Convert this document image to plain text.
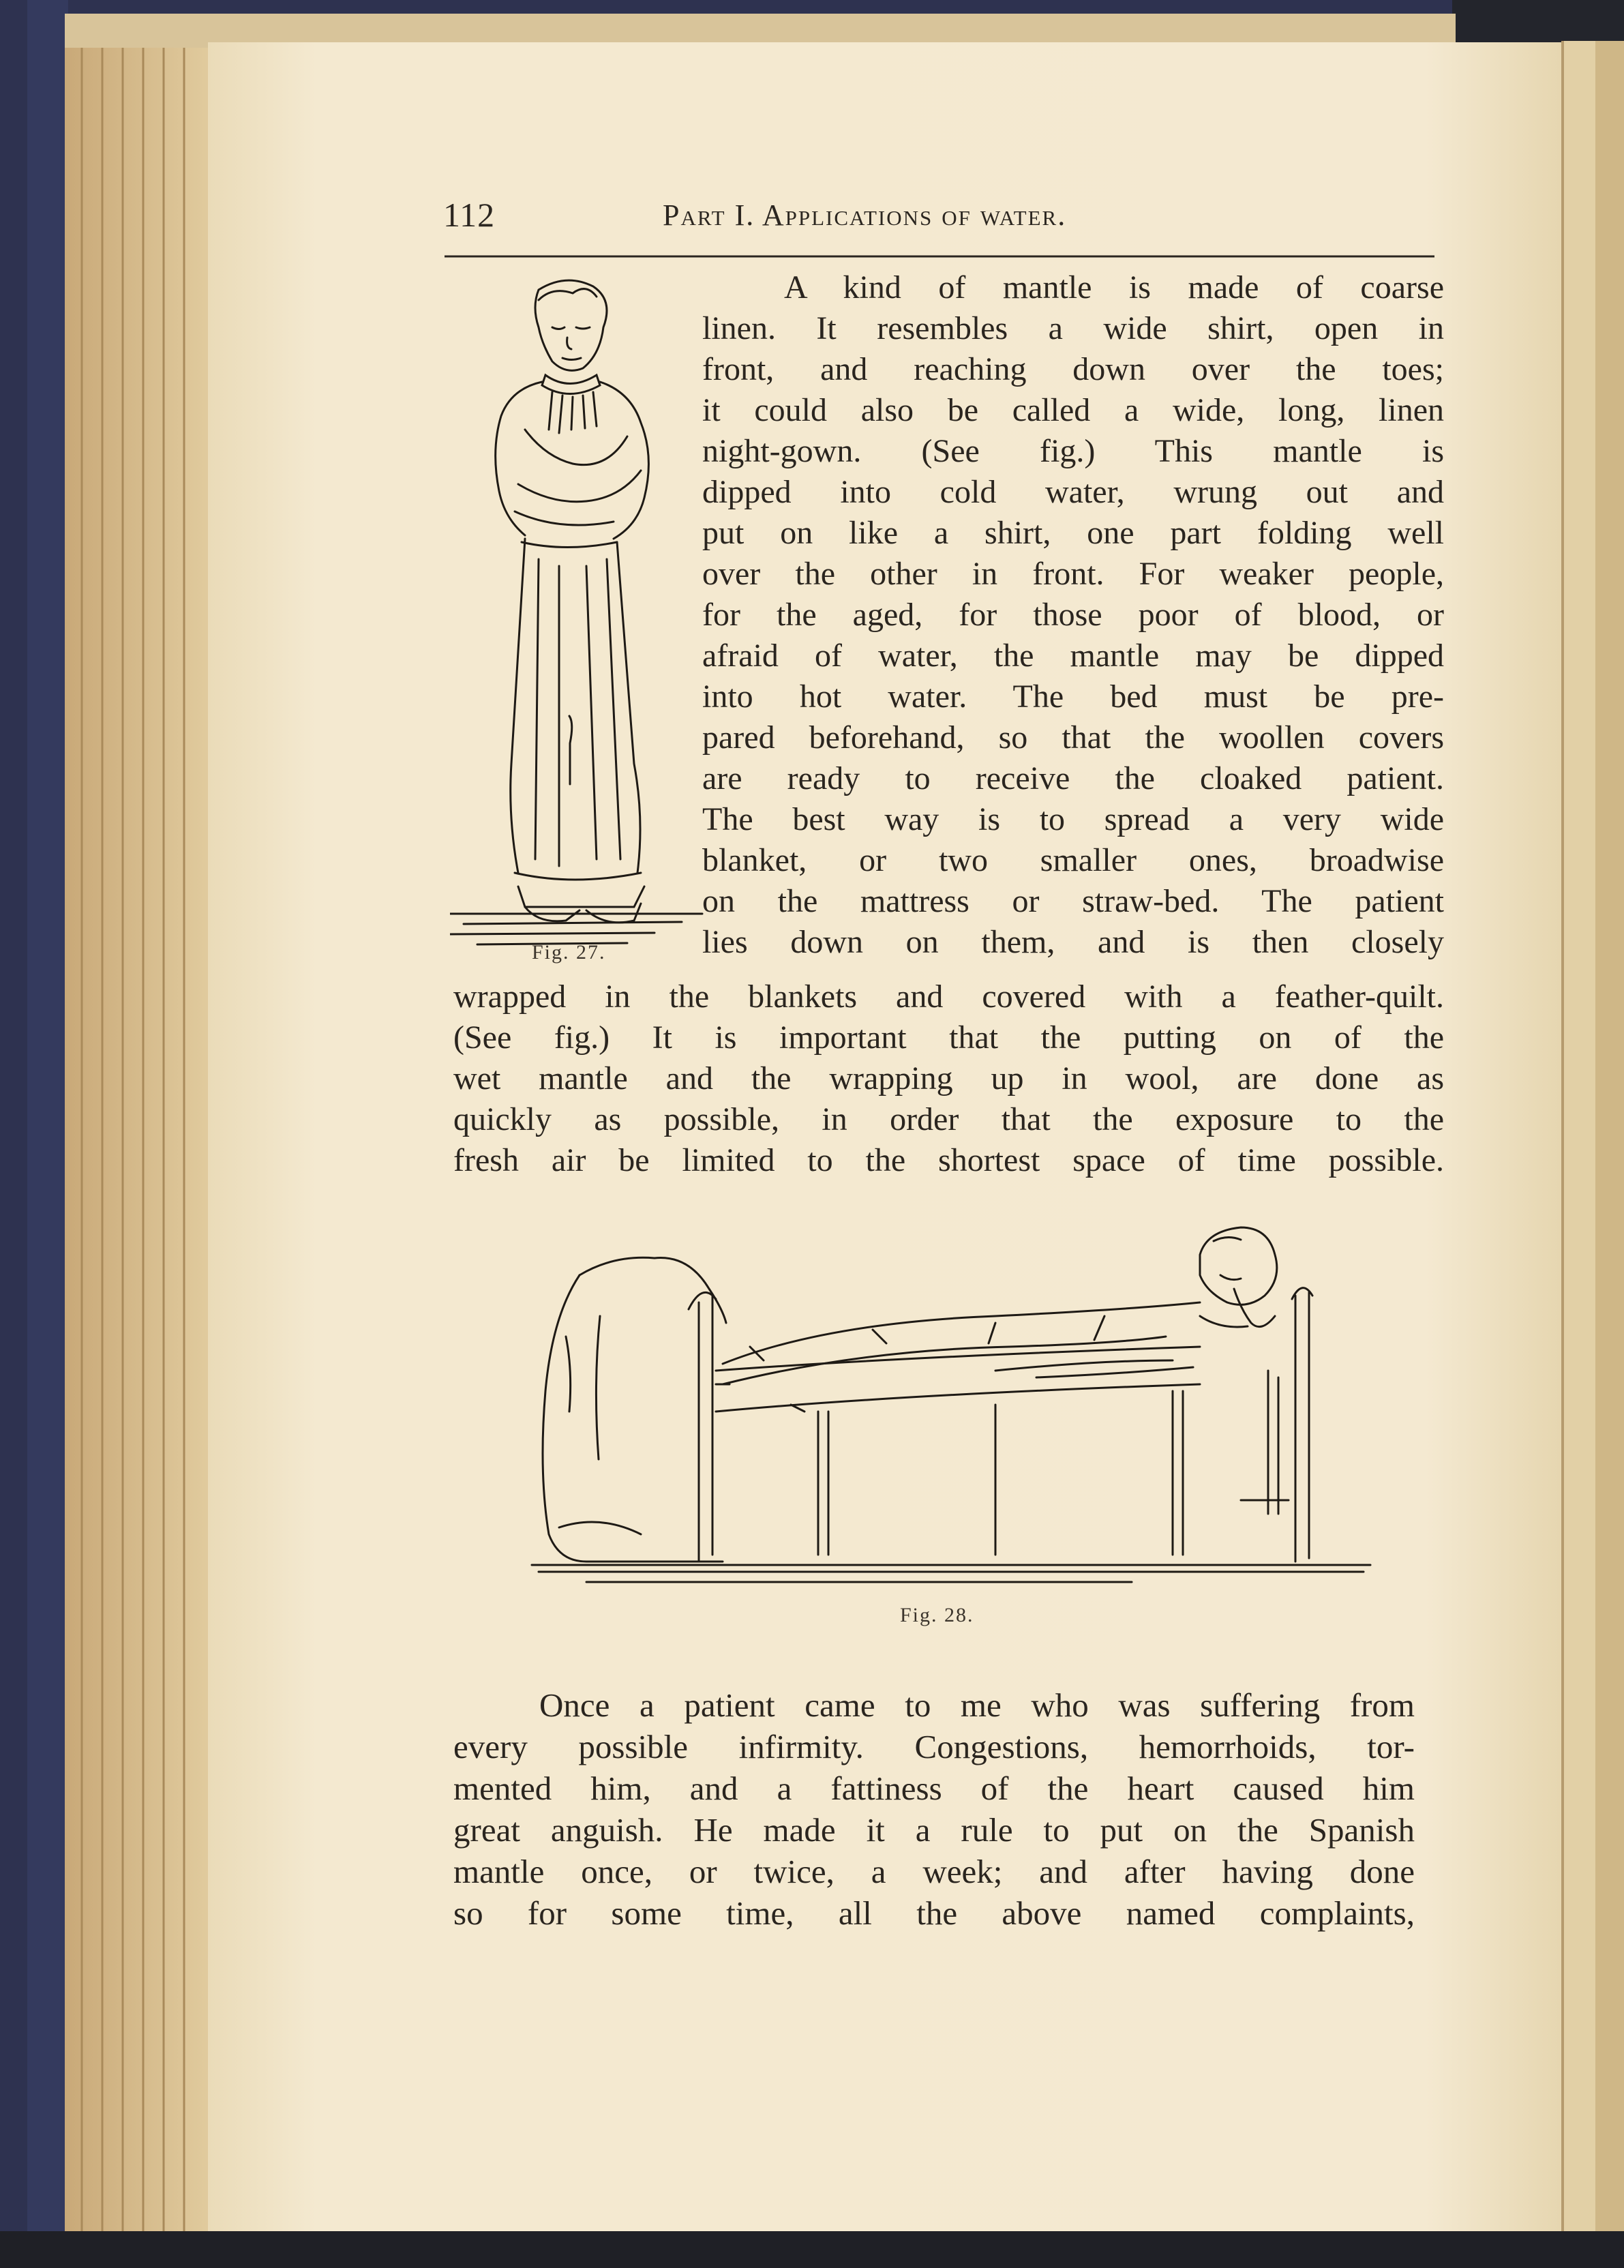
112	Part I. Applications of water.
Fig. 27.
A kind of mantle is made of coarse
linen. It resembles a wide shirt, open in
front, and reaching down over the toes;
it could also be called a wide, long, linen
night-gown. (See fig.) This mantle is
dipped into cold water, wrung out and
put on like a shirt, one part folding well
over the other in front. For weaker people,
for the aged, for those poor of blood, or
afraid of water, the mantle may be dipped
into hot water. The bed must be pre-
pared beforehand, so that the woollen covers
are ready to receive the cloaked patient.
The best way is to spread a very wide
blanket, or two smaller ones, broadwise
on the mattress or straw-bed. The patient
lies down on them, and is then closely
wrapped in the blankets and covered with a feather-quilt.
(See fig.) It is important that the putting on of the
wet mantle and the wrapping up in wool, are done as
quickly as possible, in order that the exposure to the
fresh air be limited to the shortest space of time possible.
Fig. 28.
Once a patient came to me who was suffering from
every possible infirmity. Congestions, hemorrhoids, tor-
mented him, and a fattiness of the heart caused him
great anguish. He made it a rule to put on the Spanish
mantle once, or twice, a week; and after having done
so for some time, all the above named complaints,
